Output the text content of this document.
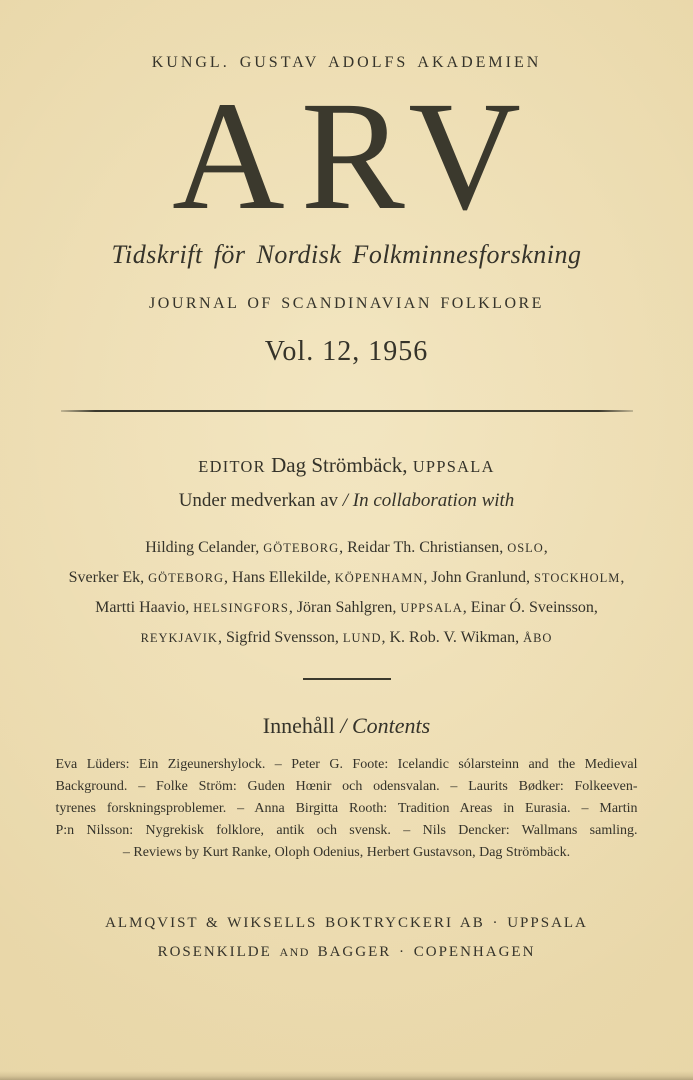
KUNGL. GUSTAV ADOLFS AKADEMIEN
ARV
Tidskrift för Nordisk Folkminnesforskning
JOURNAL OF SCANDINAVIAN FOLKLORE
Vol. 12, 1956
EDITOR Dag Strömbäck, UPPSALA
Under medverkan av / In collaboration with
Hilding Celander, GÖTEBORG, Reidar Th. Christiansen, OSLO,
Sverker Ek, GÖTEBORG, Hans Ellekilde, KÖPENHAMN, John Granlund, STOCKHOLM,
Martti Haavio, HELSINGFORS, Jöran Sahlgren, UPPSALA, Einar Ó. Sveinsson,
REYKJAVIK, Sigfrid Svensson, LUND, K. Rob. V. Wikman, ÅBO
Innehåll / Contents
Eva Lüders: Ein Zigeunershylock. – Peter G. Foote: Icelandic sólarsteinn and the Medieval
Background. – Folke Ström: Guden Hœnir och odensvalan. – Laurits Bødker: Folkeeven-
tyrenes forskningsproblemer. – Anna Birgitta Rooth: Tradition Areas in Eurasia. – Martin
P:n Nilsson: Nygrekisk folklore, antik och svensk. – Nils Dencker: Wallmans samling.
– Reviews by Kurt Ranke, Oloph Odenius, Herbert Gustavson, Dag Strömbäck.
ALMQVIST & WIKSELLS BOKTRYCKERI AB · UPPSALA
ROSENKILDE AND BAGGER · COPENHAGEN
